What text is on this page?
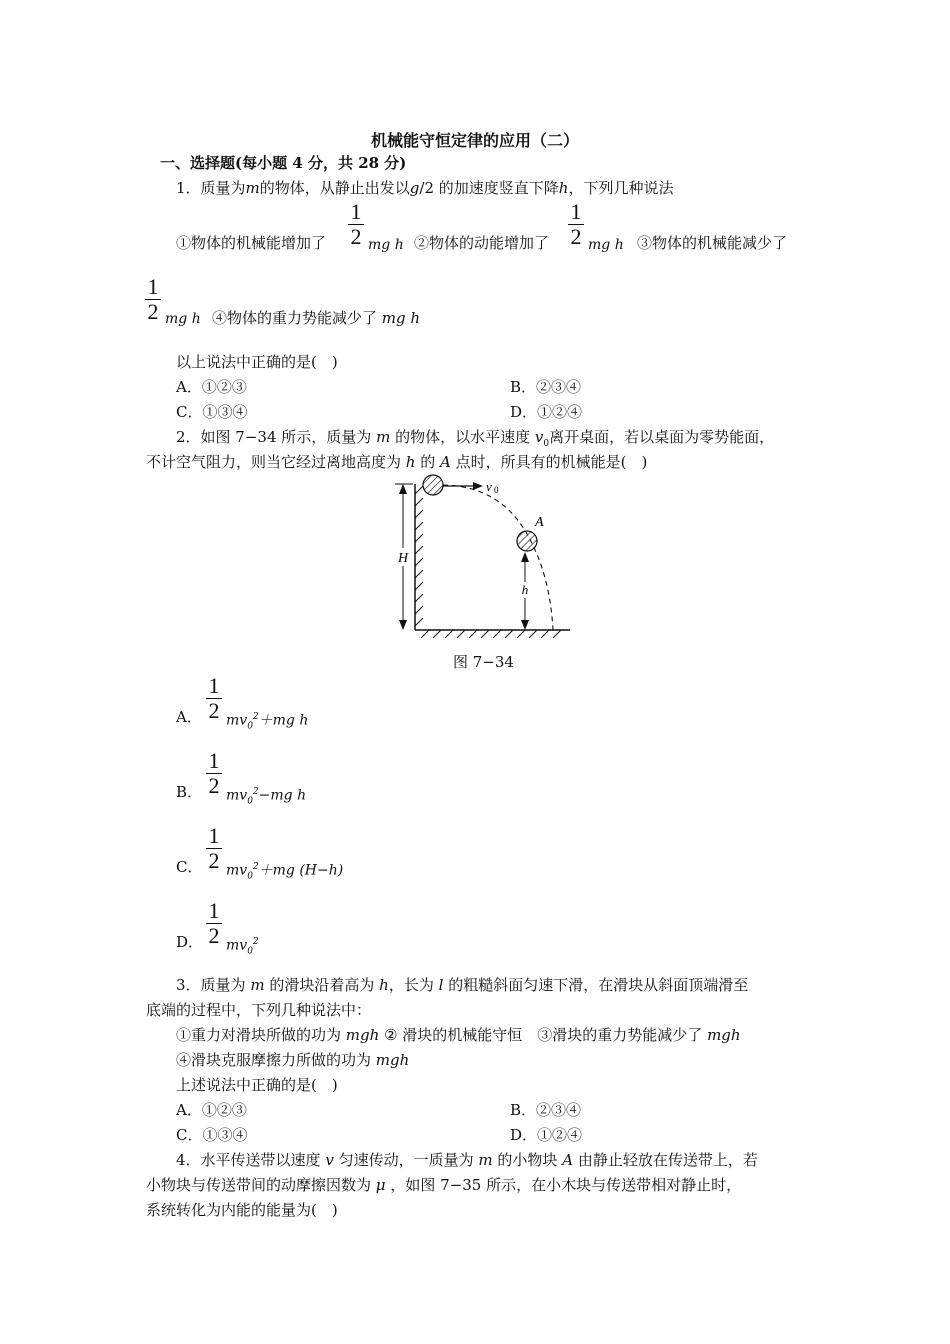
机械能守恒定律的应用（二）
一、选择题(每小题 4 分，共 28 分)
1．质量为m的物体，从静止出发以g/2 的加速度竖直下降h，下列几种说法
①物体的机械能增加了
1
2 mg h ②物体的动能增加了
1
2 mg h ③物体的机械能减少了
1
2 mg h ④物体的重力势能减少了 mg h
以上说法中正确的是(　)
A．①②③	B．②③④
C．①③④	D．①②④
2．如图 7−34 所示，质量为 m 的物体，以水平速度 $v_0$离开桌面，若以桌面为零势能面，
不计空气阻力，则当它经过离地高度为 h 的 A 点时，所具有的机械能是(　)
H
v 0
A
h
图 7−34
A．
1
2 $mv_0^2+mg$ h
B．
1
2 $mv_0^2-mg$ h
C．
1
2 $mv_0^2+mg$ (H−h)
D．
1
2 $mv_0^2$
3．质量为 m 的滑块沿着高为 h，长为 l 的粗糙斜面匀速下滑，在滑块从斜面顶端滑至
底端的过程中，下列几种说法中：
①重力对滑块所做的功为 mgh ② 滑块的机械能守恒　③滑块的重力势能减少了 mgh
④滑块克服摩擦力所做的功为 mgh
上述说法中正确的是(　)
A．①②③	B．②③④
C．①③④	D．①②④
4．水平传送带以速度 v 匀速传动，一质量为 m 的小物块 A 由静止轻放在传送带上，若
小物块与传送带间的动摩擦因数为 μ ，如图 7−35 所示，在小木块与传送带相对静止时，
系统转化为内能的能量为(　)
